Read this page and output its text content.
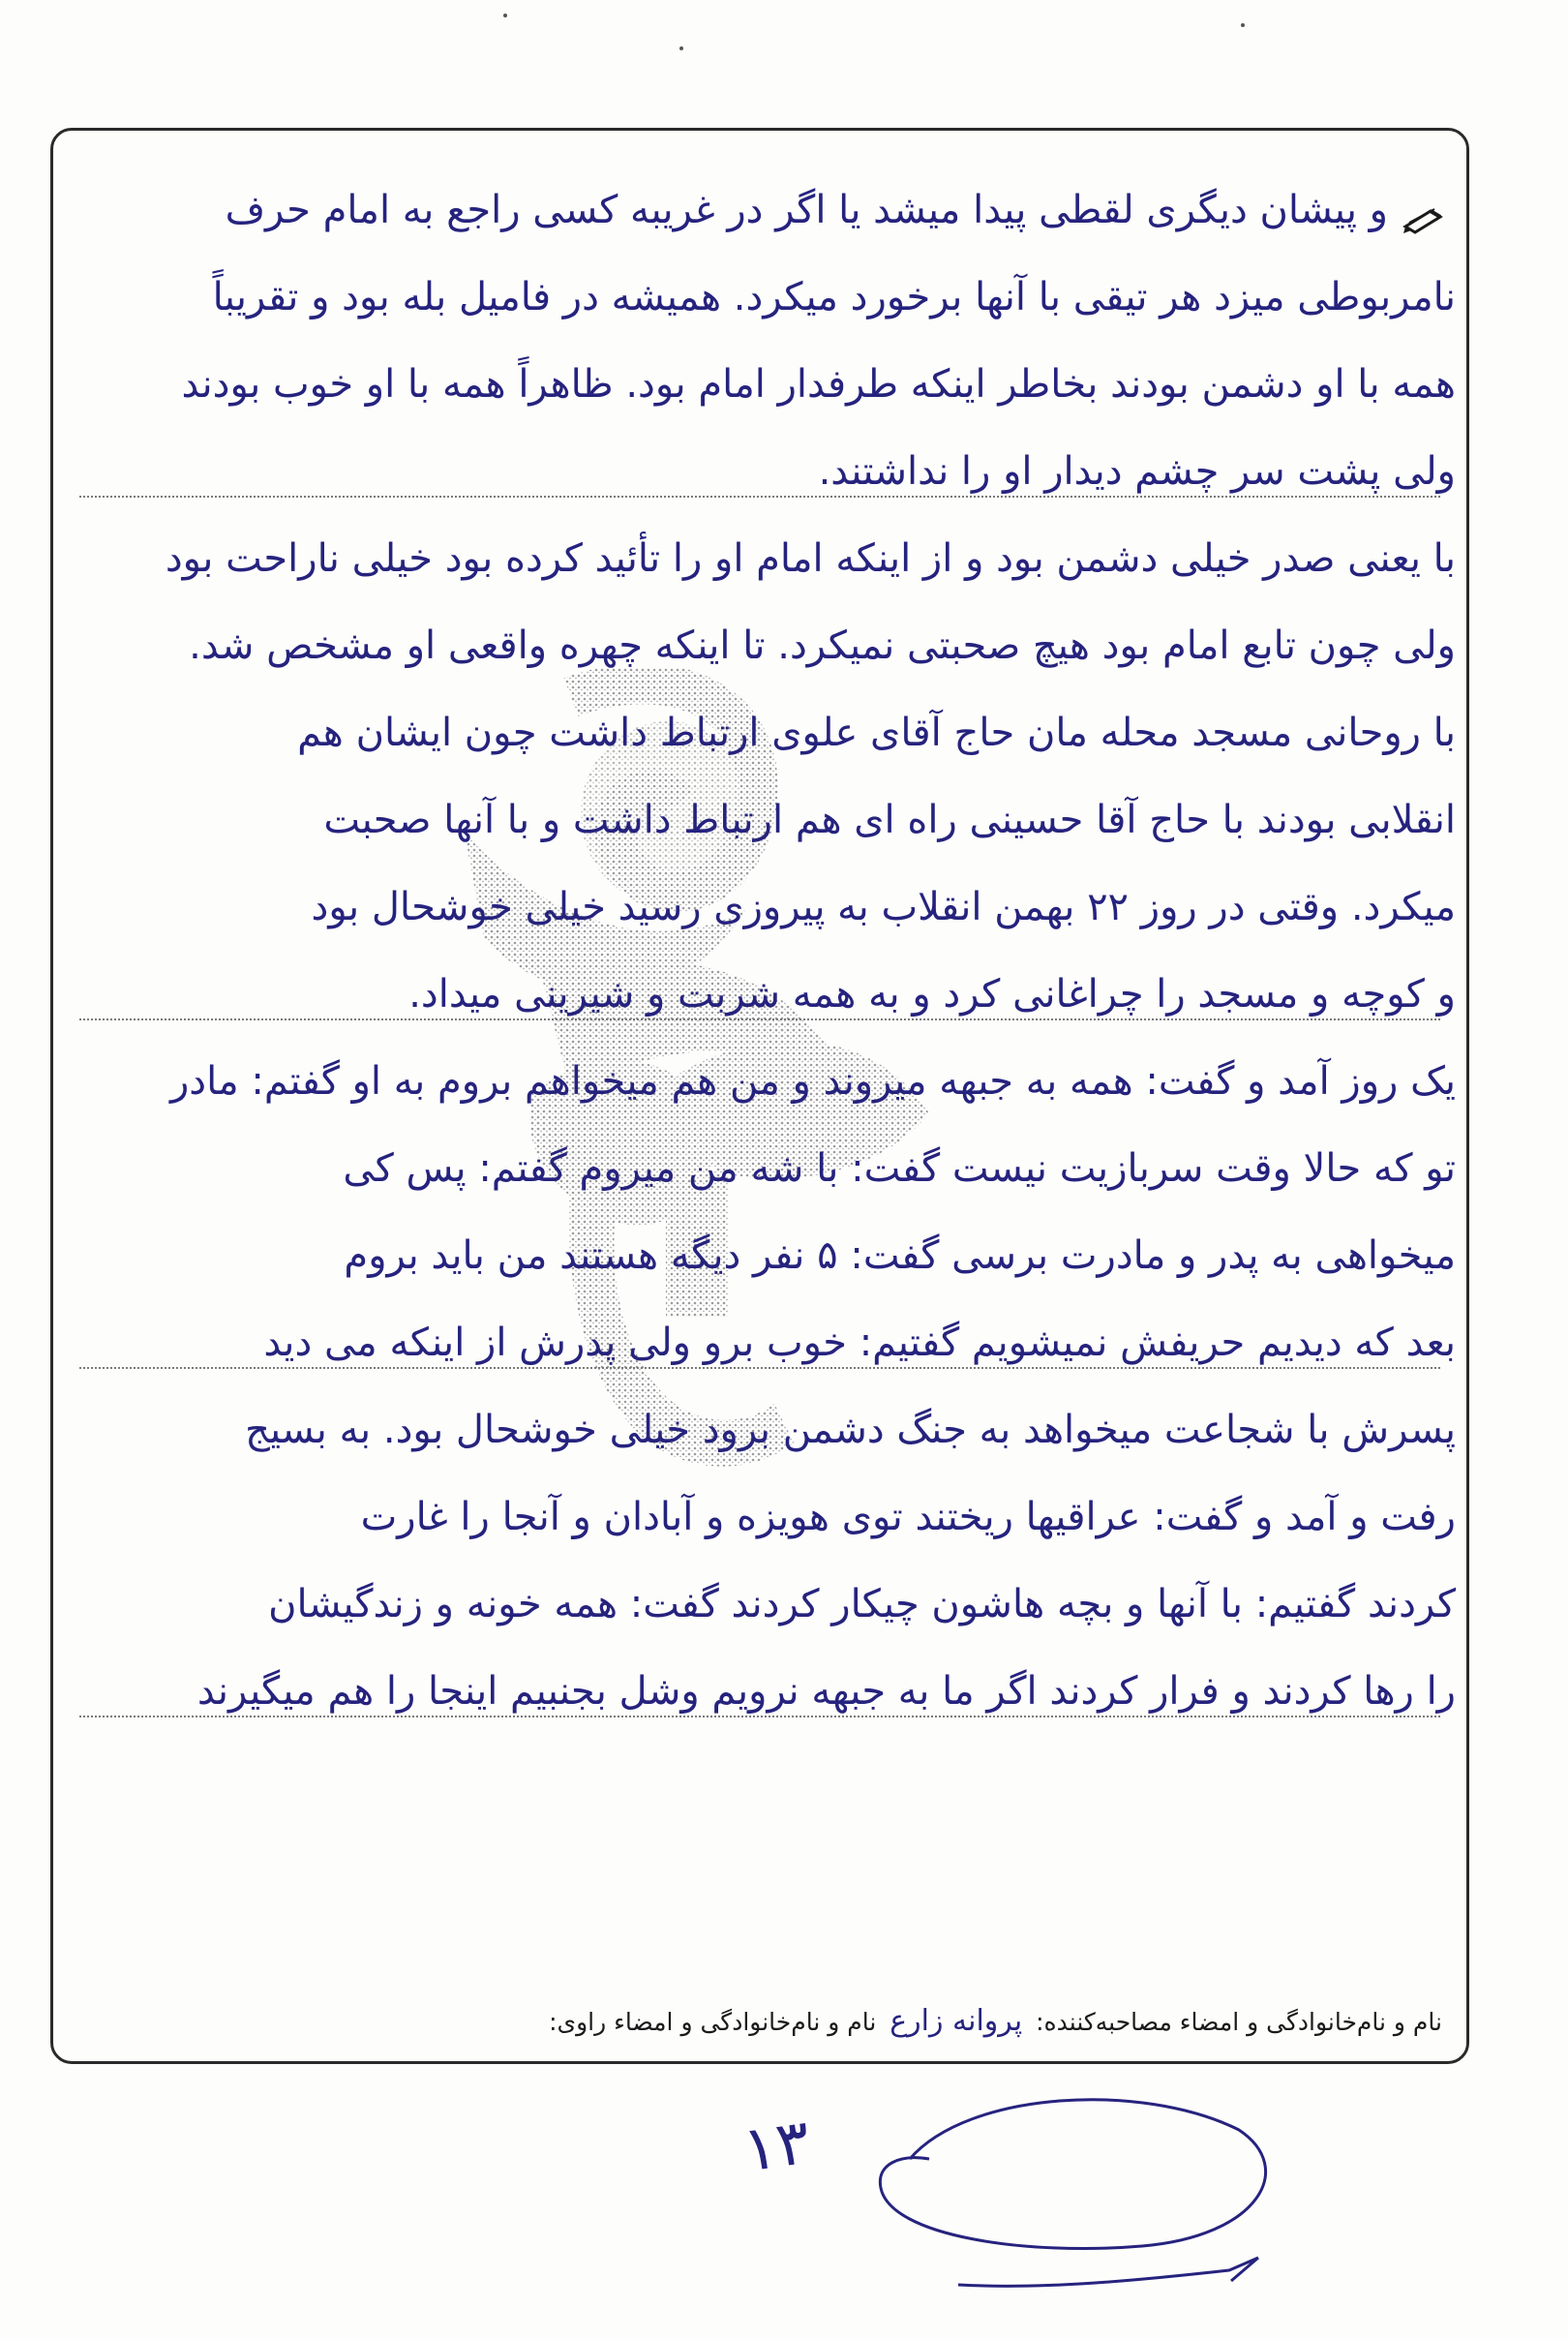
و پیشان دیگری لقطی پیدا میشد یا اگر در غریبه کسی راجع به امام حرف
نامربوطی میزد هر تیقی با آنها برخورد میکرد. همیشه در فامیل بله بود و تقریباً
همه با او دشمن بودند بخاطر اینکه طرفدار امام بود. ظاهراً همه با او خوب بودند
ولی پشت سر چشم دیدار او را نداشتند.
با یعنی صدر خیلی دشمن بود و از اینکه امام او را تأئید کرده بود خیلی ناراحت بود
ولی چون تابع امام بود هیچ صحبتی نمیکرد. تا اینکه چهره واقعی او مشخص شد.
با روحانی مسجد محله مان حاج آقای علوی ارتباط داشت چون ایشان هم
انقلابی بودند با حاج آقا حسینی راه ای هم ارتباط داشت و با آنها صحبت
میکرد. وقتی در روز ۲۲ بهمن انقلاب به پیروزی رسید خیلی خوشحال بود
و کوچه و مسجد را چراغانی کرد و به همه شربت و شیرینی میداد.
یک روز آمد و گفت: همه به جبهه میروند و من هم میخواهم بروم به او گفتم: مادر
تو که حالا وقت سربازیت نیست گفت: با شه من میروم گفتم: پس کی
میخواهی به پدر و مادرت برسی گفت: ۵ نفر دیگه هستند من باید بروم
بعد که دیدیم حریفش نمیشویم گفتیم: خوب برو ولی پدرش از اینکه می دید
پسرش با شجاعت میخواهد به جنگ دشمن برود خیلی خوشحال بود. به بسیج
رفت و آمد و گفت: عراقیها ریختند توی هویزه و آبادان و آنجا را غارت
کردند گفتیم: با آنها و بچه هاشون چیکار کردند گفت: همه خونه و زندگیشان
را رها کردند و فرار کردند اگر ما به جبهه نرویم وشل بجنبیم اینجا را هم میگیرند
نام و نام‌خانوادگی و امضاء مصاحبه‌کننده: پروانه زارع نام و نام‌خانوادگی و امضاء راوی:
۱۳
